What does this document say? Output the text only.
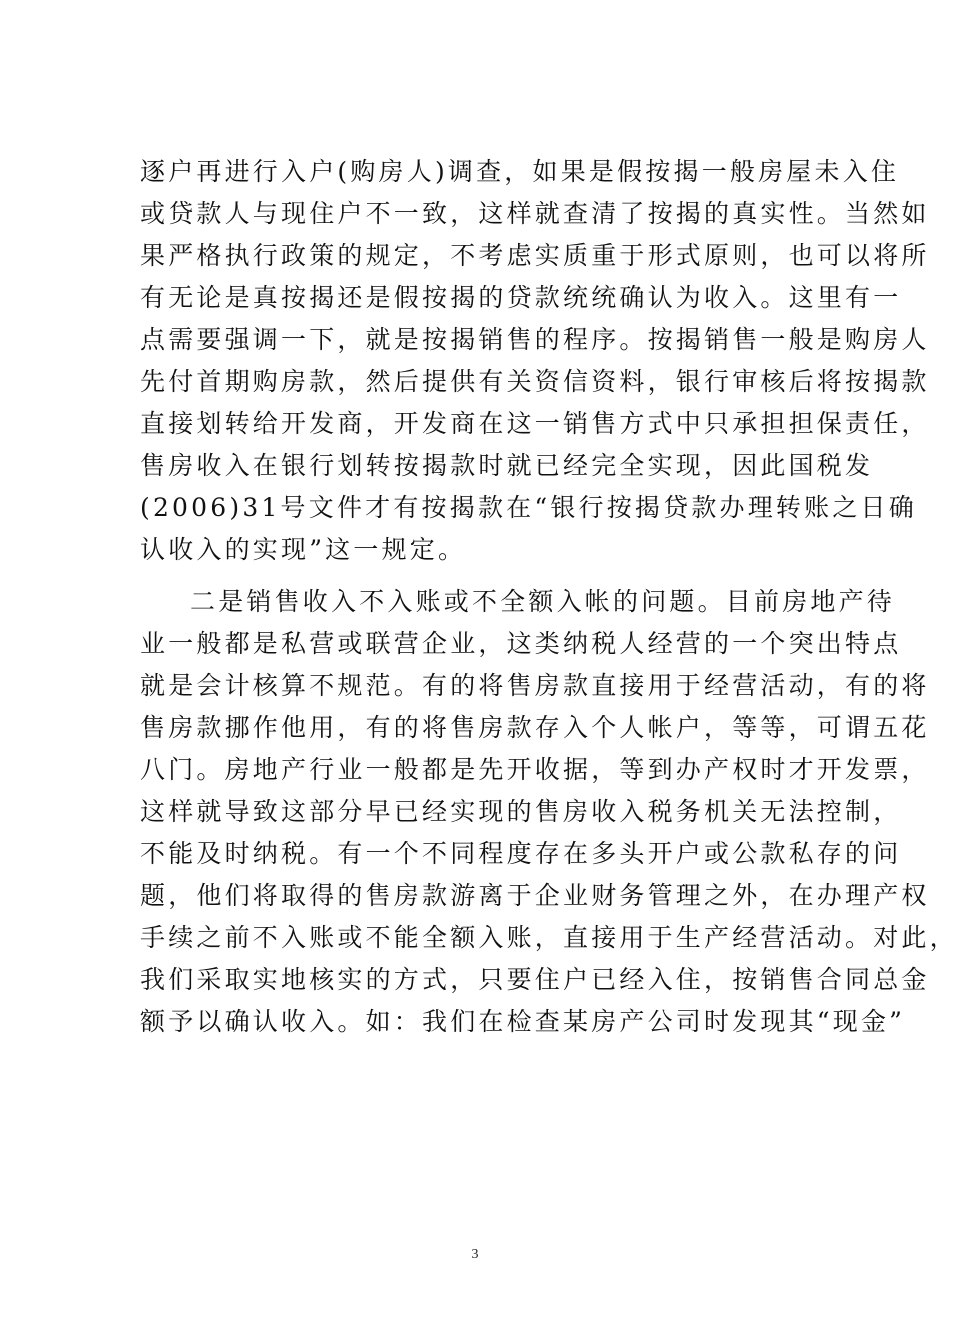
逐户再进行入户(购房人)调查，如果是假按揭一般房屋未入住
或贷款人与现住户不一致，这样就查清了按揭的真实性。当然如
果严格执行政策的规定，不考虑实质重于形式原则，也可以将所
有无论是真按揭还是假按揭的贷款统统确认为收入。这里有一
点需要强调一下，就是按揭销售的程序。按揭销售一般是购房人
先付首期购房款，然后提供有关资信资料，银行审核后将按揭款
直接划转给开发商，开发商在这一销售方式中只承担担保责任，
售房收入在银行划转按揭款时就已经完全实现，因此国税发
(2006)31号文件才有按揭款在“银行按揭贷款办理转账之日确
认收入的实现”这一规定。
二是销售收入不入账或不全额入帐的问题。目前房地产待
业一般都是私营或联营企业，这类纳税人经营的一个突出特点
就是会计核算不规范。有的将售房款直接用于经营活动，有的将
售房款挪作他用，有的将售房款存入个人帐户，等等，可谓五花
八门。房地产行业一般都是先开收据，等到办产权时才开发票，
这样就导致这部分早已经实现的售房收入税务机关无法控制，
不能及时纳税。有一个不同程度存在多头开户或公款私存的问
题，他们将取得的售房款游离于企业财务管理之外，在办理产权
手续之前不入账或不能全额入账，直接用于生产经营活动。对此，
我们采取实地核实的方式，只要住户已经入住，按销售合同总金
额予以确认收入。如：我们在检查某房产公司时发现其“现金”
3
